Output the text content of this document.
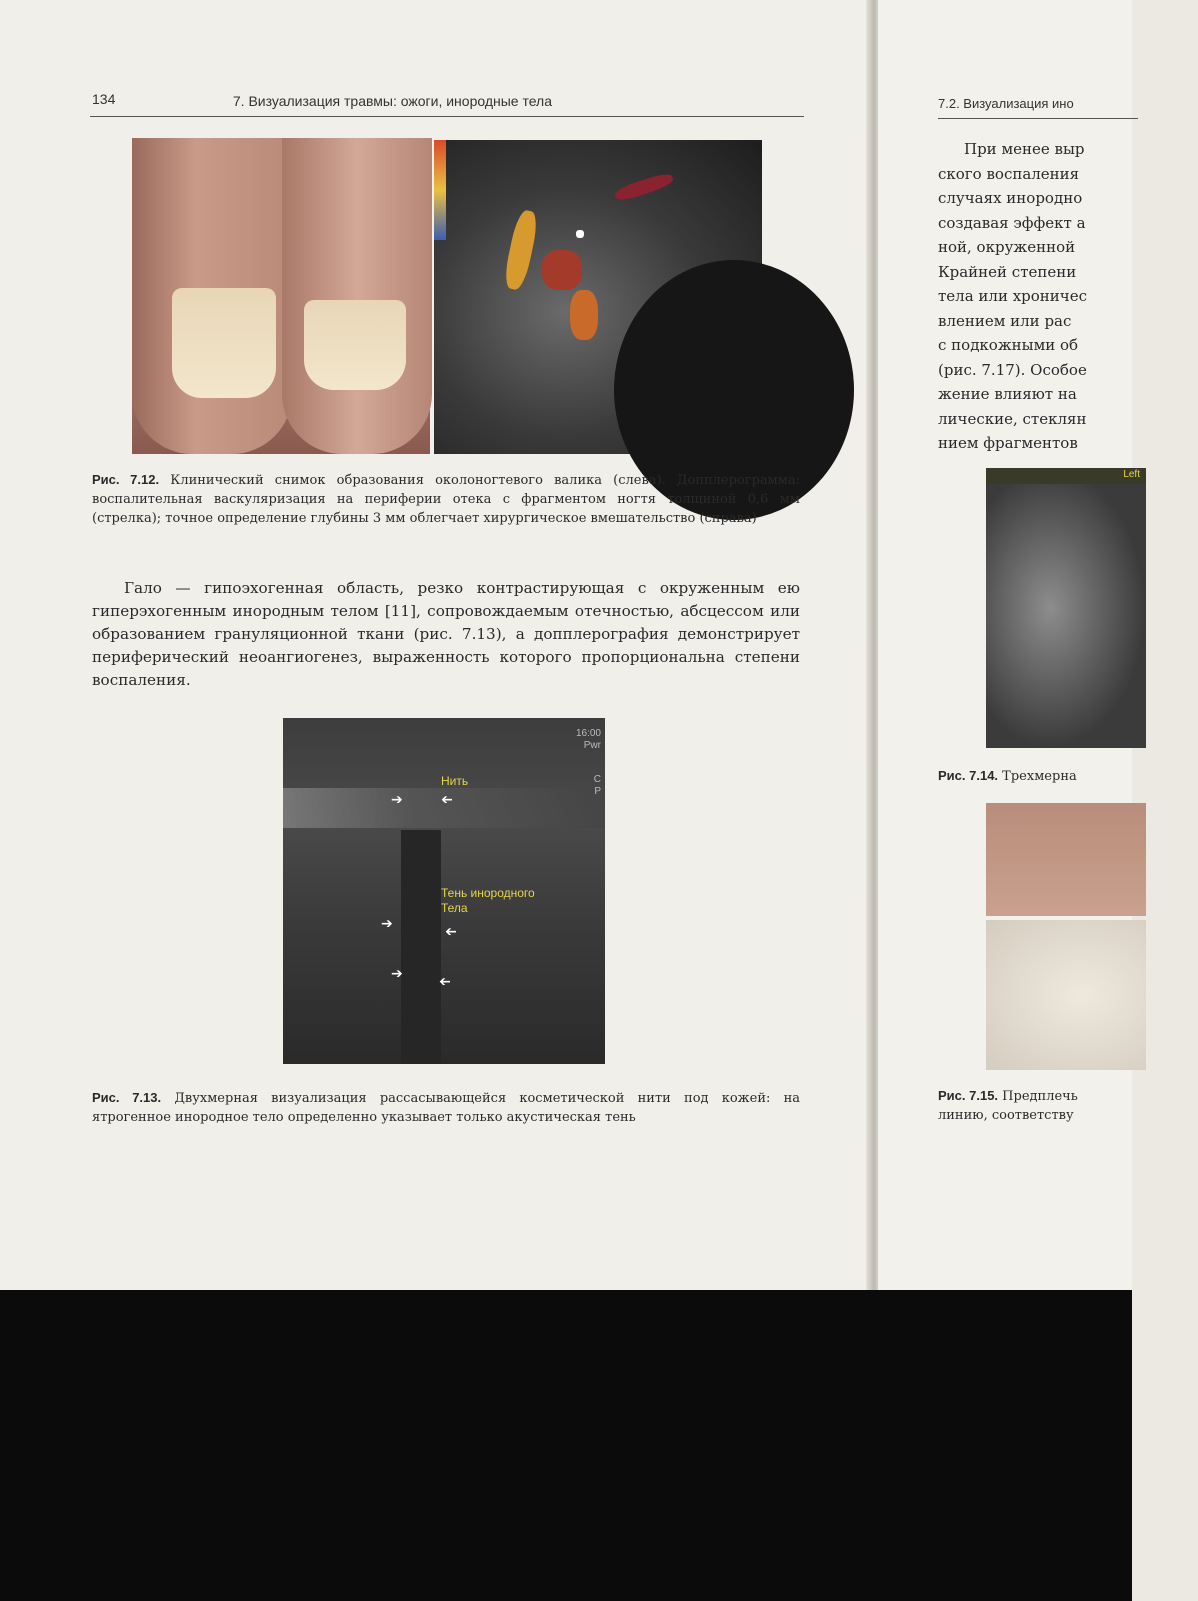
134	7. Визуализация травмы: ожоги, инородные тела
Рис. 7.12. Клинический снимок образования околоногтевого валика (слева). Допплерограмма: воспалительная васкуляризация на периферии отека с фрагментом ногтя толщиной 0,6 мм (стрелка); точное определение глубины 3 мм облегчает хирургическое вмешательство (справа)
Гало — гипоэхогенная область, резко контрастирующая с окруженным ею гиперэхогенным инородным телом [11], сопровождаемым отечностью, абсцессом или образованием грануляционной ткани (рис. 7.13), а допплерография демонстрирует периферический неоангиогенез, выраженность которого пропорциональна степени воспаления.
16:00
Pwr
C
P
Нить
Тень инородного
Тела
➔	➔
➔	➔
➔	➔
Рис. 7.13. Двухмерная визуализация рассасывающейся косметической нити под кожей: на ятрогенное инородное тело определенно указывает только акустическая тень
7.2. Визуализация ино
При менее выр
ского воспаления
случаях инородно
создавая эффект а
ной, окруженной
Крайней степени
тела или хроничес
влением или рас
с подкожными об
(рис. 7.17). Особое
жение влияют на
лические, стеклян
нием фрагментов
Left
Рис. 7.14. Трехмерна
Рис. 7.15. Предплечь
линию, соответству
